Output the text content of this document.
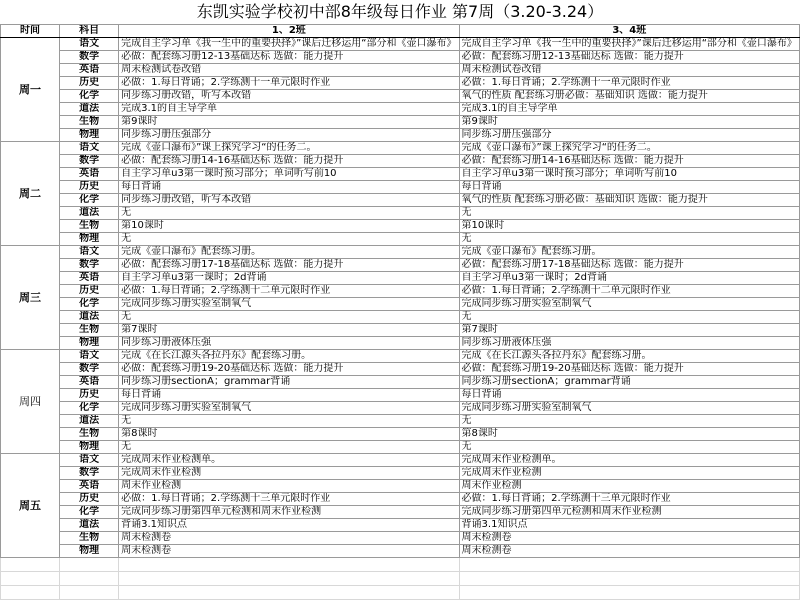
东凯实验学校初中部8年级每日作业 第7周（3.20-3.24）
时间	科目	1、2班	3、4班
周一	语文	完成自主学习单《我一生中的重要抉择》”课后迁移运用“部分和《壶口瀑布》	完成自主学习单《我一生中的重要抉择》”课后迁移运用“部分和《壶口瀑布》
	数学	必做：配套练习册12-13基础达标 选做：能力提升	必做：配套练习册12-13基础达标 选做：能力提升
	英语	周末检测试卷改错	周末检测试卷改错
	历史	必做：1.每日背诵；2.学练测十一单元限时作业	必做：1.每日背诵；2.学练测十一单元限时作业
	化学	同步练习册改错，听写本改错	氧气的性质 配套练习册必做：基础知识 选做：能力提升
	道法	完成3.1的自主导学单	完成3.1的自主导学单
	生物	第9课时	第9课时
	物理	同步练习册压强部分	同步练习册压强部分
周二	语文	完成《壶口瀑布》”课上探究学习“的任务二。	完成《壶口瀑布》”课上探究学习“的任务二。
	数学	必做：配套练习册14-16基础达标 选做：能力提升	必做：配套练习册14-16基础达标 选做：能力提升
	英语	自主学习单u3第一课时预习部分；单词听写前10	自主学习单u3第一课时预习部分；单词听写前10
	历史	每日背诵	每日背诵
	化学	同步练习册改错，听写本改错	氧气的性质 配套练习册必做：基础知识 选做：能力提升
	道法	无	无
	生物	第10课时	第10课时
	物理	无	无
周三	语文	完成《壶口瀑布》配套练习册。	完成《壶口瀑布》配套练习册。
	数学	必做：配套练习册17-18基础达标 选做：能力提升	必做：配套练习册17-18基础达标 选做：能力提升
	英语	自主学习单u3第一课时；2d背诵	自主学习单u3第一课时；2d背诵
	历史	必做：1.每日背诵；2.学练测十二单元限时作业	必做：1.每日背诵；2.学练测十二单元限时作业
	化学	完成同步练习册实验室制氧气	完成同步练习册实验室制氧气
	道法	无	无
	生物	第7课时	第7课时
	物理	同步练习册液体压强	同步练习册液体压强
周四	语文	完成《在长江源头各拉丹东》配套练习册。	完成《在长江源头各拉丹东》配套练习册。
	数学	必做：配套练习册19-20基础达标 选做：能力提升	必做：配套练习册19-20基础达标 选做：能力提升
	英语	同步练习册sectionA；grammar背诵	同步练习册sectionA；grammar背诵
	历史	每日背诵	每日背诵
	化学	完成同步练习册实验室制氧气	完成同步练习册实验室制氧气
	道法	无	无
	生物	第8课时	第8课时
	物理	无	无
周五	语文	完成周末作业检测单。	完成周末作业检测单。
	数学	完成周末作业检测	完成周末作业检测
	英语	周末作业检测	周末作业检测
	历史	必做：1.每日背诵；2.学练测十三单元限时作业	必做：1.每日背诵；2.学练测十三单元限时作业
	化学	完成同步练习册第四单元检测和周末作业检测	完成同步练习册第四单元检测和周末作业检测
	道法	背诵3.1知识点	背诵3.1知识点
	生物	周末检测卷	周末检测卷
	物理	周末检测卷	周末检测卷
